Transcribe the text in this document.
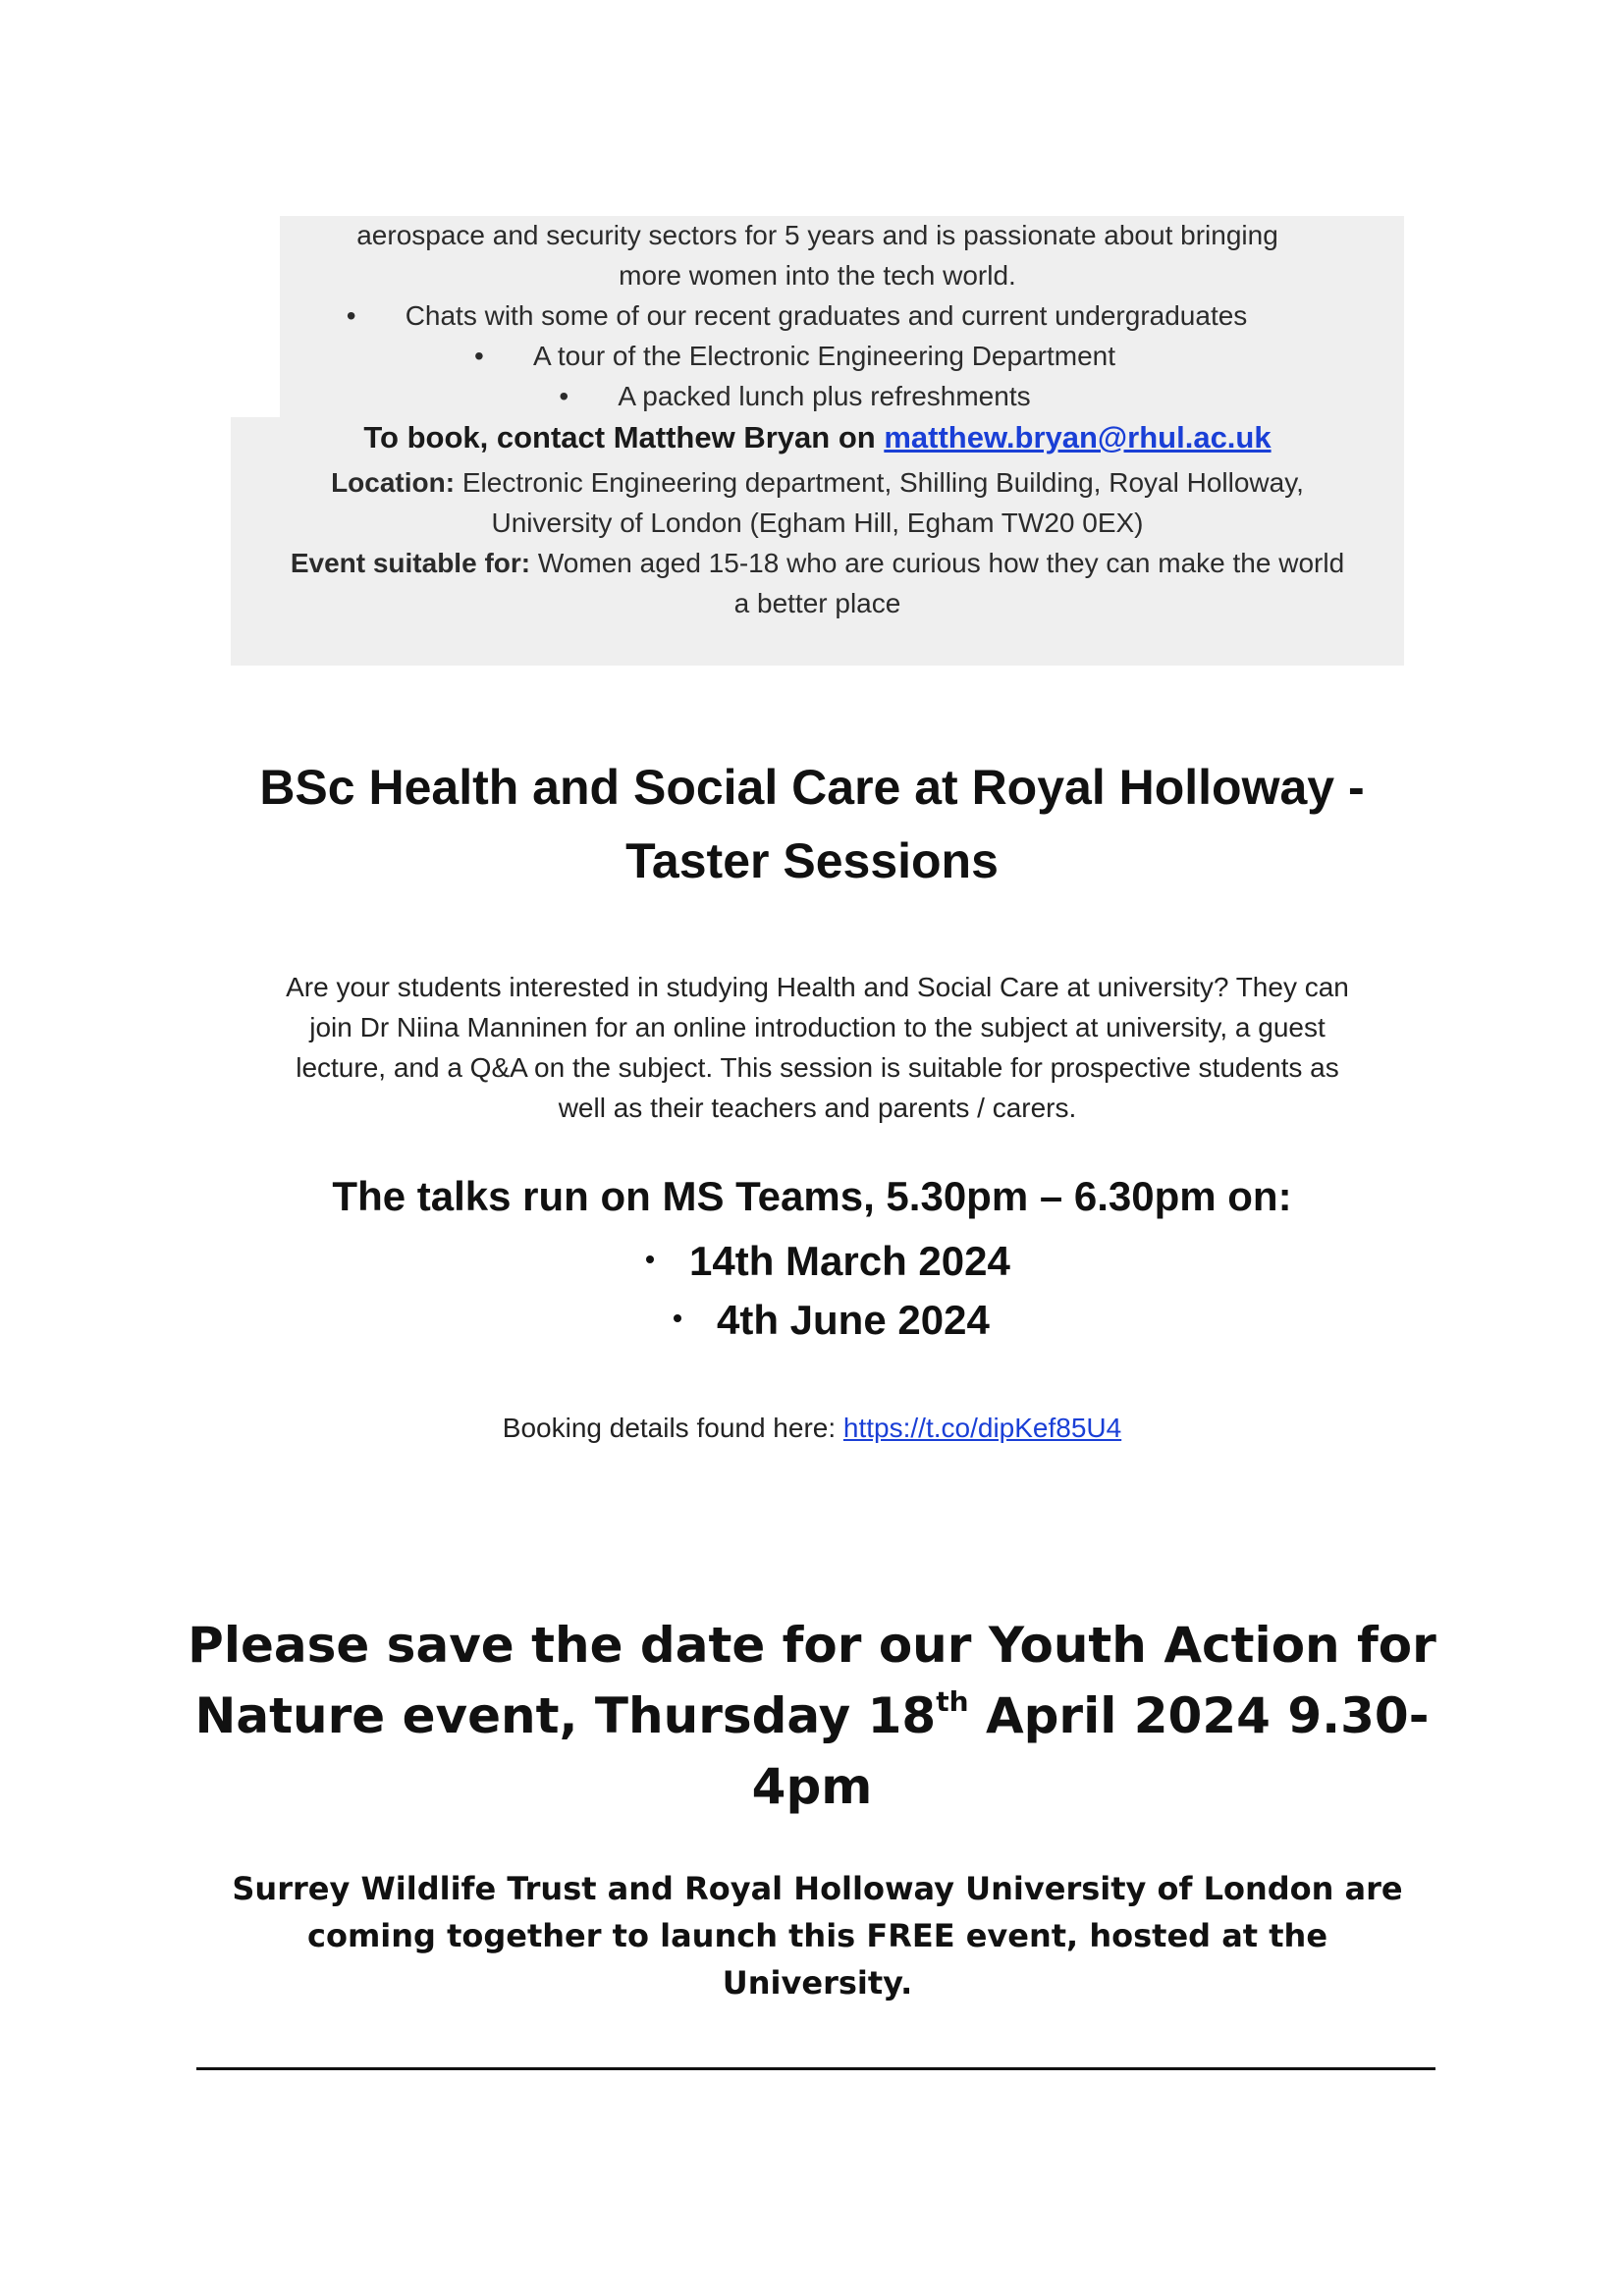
aerospace and security sectors for 5 years and is passionate about bringing
more women into the tech world.
• Chats with some of our recent graduates and current undergraduates
• A tour of the Electronic Engineering Department
• A packed lunch plus refreshments
To book, contact Matthew Bryan on matthew.bryan@rhul.ac.uk
Location: Electronic Engineering department, Shilling Building, Royal Holloway,
University of London (Egham Hill, Egham TW20 0EX)
Event suitable for: Women aged 15-18 who are curious how they can make the world
a better place
BSc Health and Social Care at Royal Holloway -
Taster Sessions
Are your students interested in studying Health and Social Care at university? They can
join Dr Niina Manninen for an online introduction to the subject at university, a guest
lecture, and a Q&A on the subject. This session is suitable for prospective students as
well as their teachers and parents / carers.
The talks run on MS Teams, 5.30pm – 6.30pm on:
14th March 2024
4th June 2024
Booking details found here: https://t.co/dipKef85U4
Please save the date for our Youth Action for
Nature event, Thursday 18th April 2024 9.30-
4pm
Surrey Wildlife Trust and Royal Holloway University of London are
coming together to launch this FREE event, hosted at the
University.
